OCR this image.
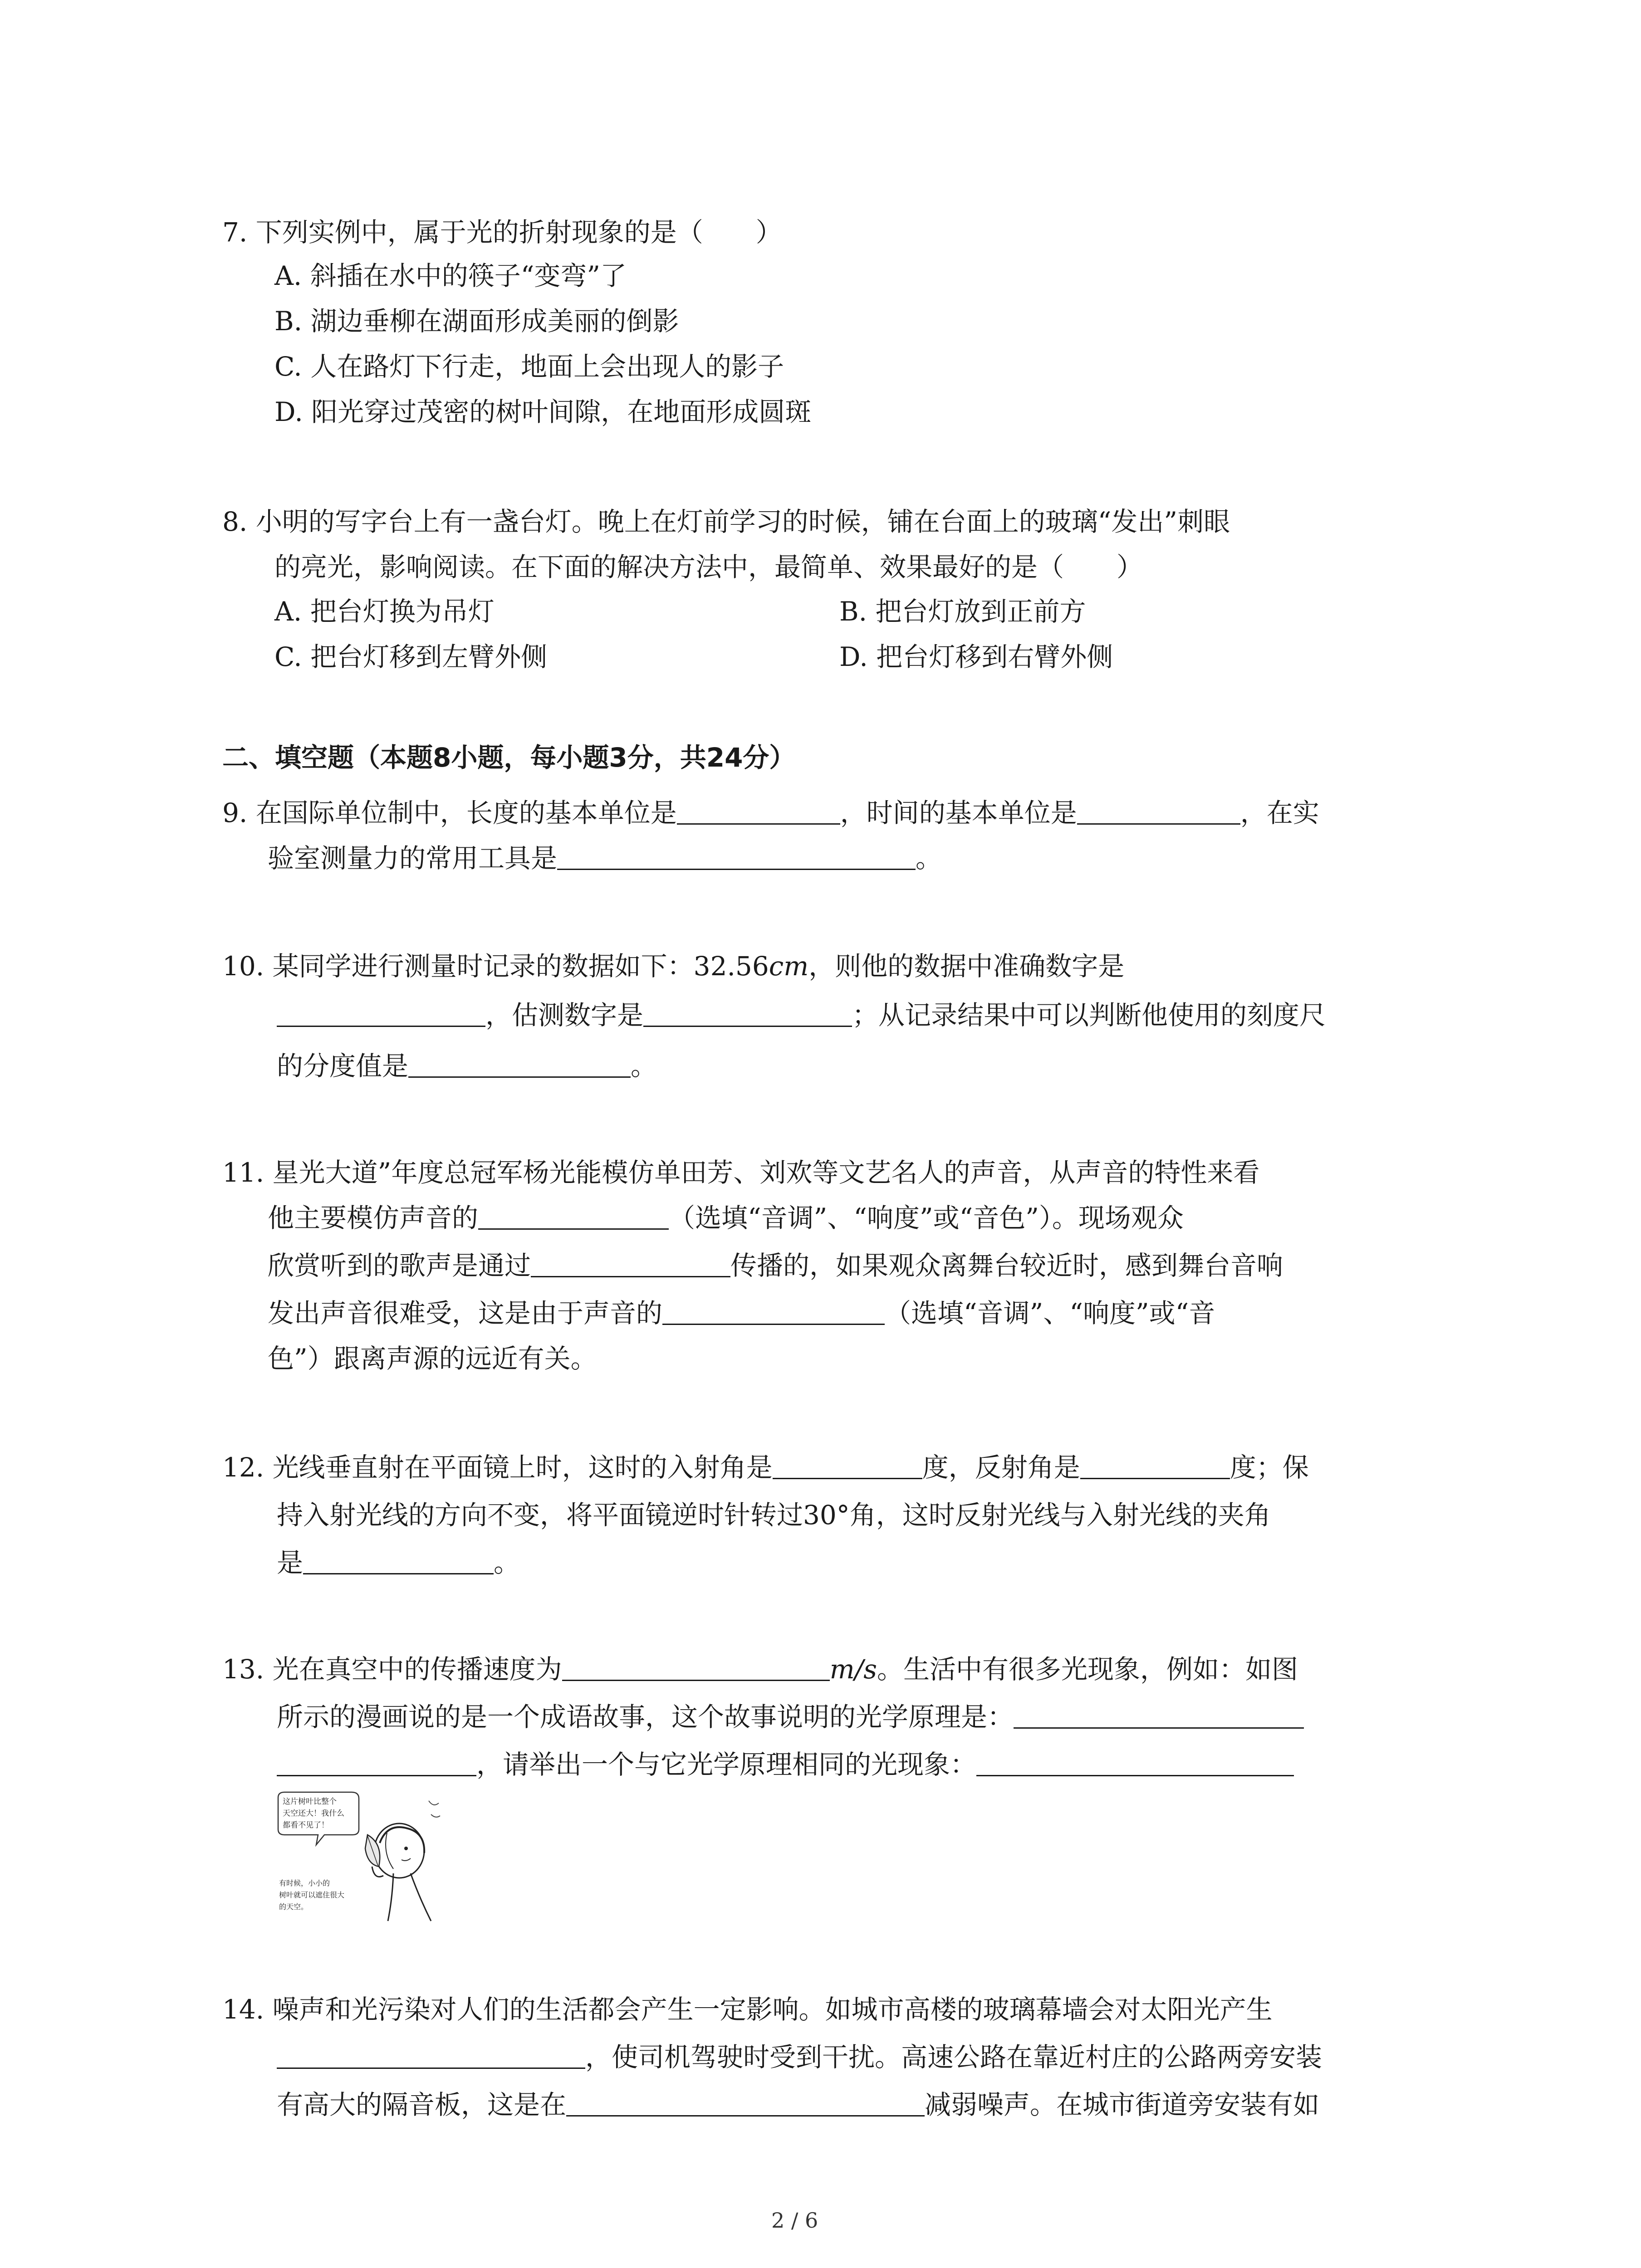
7. 下列实例中，属于光的折射现象的是（　　）
A. 斜插在水中的筷子“变弯”了
B. 湖边垂柳在湖面形成美丽的倒影
C. 人在路灯下行走，地面上会出现人的影子
D. 阳光穿过茂密的树叶间隙，在地面形成圆斑
8. 小明的写字台上有一盏台灯。晚上在灯前学习的时候，铺在台面上的玻璃“发出”刺眼
的亮光，影响阅读。在下面的解决方法中，最简单、效果最好的是（　　）
A. 把台灯换为吊灯	B. 把台灯放到正前方
C. 把台灯移到左臂外侧	D. 把台灯移到右臂外侧
二、填空题（本题8小题，每小题3分，共24分）
9. 在国际单位制中，长度的基本单位是	，时间的基本单位是	，在实
验室测量力的常用工具是	。
10. 某同学进行测量时记录的数据如下：32.56cm，则他的数据中准确数字是
，估测数字是	；从记录结果中可以判断他使用的刻度尺
的分度值是	。
11. 星光大道”年度总冠军杨光能模仿单田芳、刘欢等文艺名人的声音，从声音的特性来看
他主要模仿声音的	（选填“音调”、“响度”或“音色”）。现场观众
欣赏听到的歌声是通过	传播的，如果观众离舞台较近时，感到舞台音响
发出声音很难受，这是由于声音的	（选填“音调”、“响度”或“音
色”）跟离声源的远近有关。
12. 光线垂直射在平面镜上时，这时的入射角是	度，反射角是	度；保
持入射光线的方向不变，将平面镜逆时针转过30°角，这时反射光线与入射光线的夹角
是	。
13. 光在真空中的传播速度为	m/s。生活中有很多光现象，例如：如图
所示的漫画说的是一个成语故事，这个故事说明的光学原理是：
，请举出一个与它光学原理相同的光现象：
这片树叶比整个
天空还大！我什么
都看不见了！
有时候，小小的
树叶就可以遮住很大
的天空。
14. 噪声和光污染对人们的生活都会产生一定影响。如城市高楼的玻璃幕墙会对太阳光产生
，使司机驾驶时受到干扰。高速公路在靠近村庄的公路两旁安装
有高大的隔音板，这是在	减弱噪声。在城市街道旁安装有如
2 / 6
